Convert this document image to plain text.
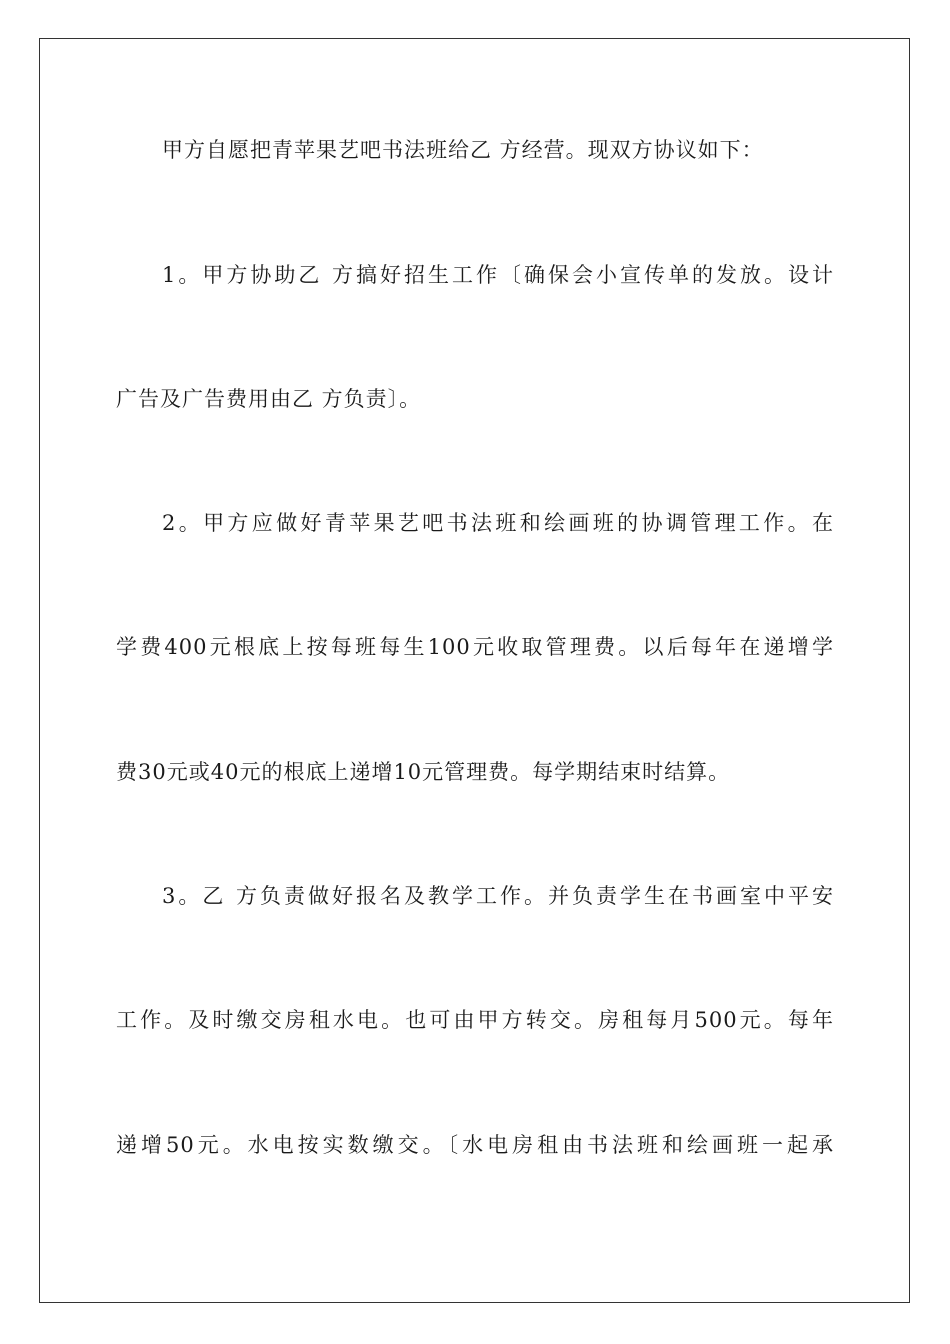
甲方自愿把青苹果艺吧书法班给乙 方经营。现双方协议如下：
1。甲方协助乙 方搞好招生工作〔确保会小宣传单的发放。设计
广告及广告费用由乙 方负责〕。
2。甲方应做好青苹果艺吧书法班和绘画班的协调管理工作。在
学费400元根底上按每班每生100元收取管理费。以后每年在递增学
费30元或40元的根底上递增10元管理费。每学期结束时结算。
3。乙 方负责做好报名及教学工作。并负责学生在书画室中平安
工作。及时缴交房租水电。也可由甲方转交。房租每月500元。每年
递增50元。水电按实数缴交。〔水电房租由书法班和绘画班一起承
